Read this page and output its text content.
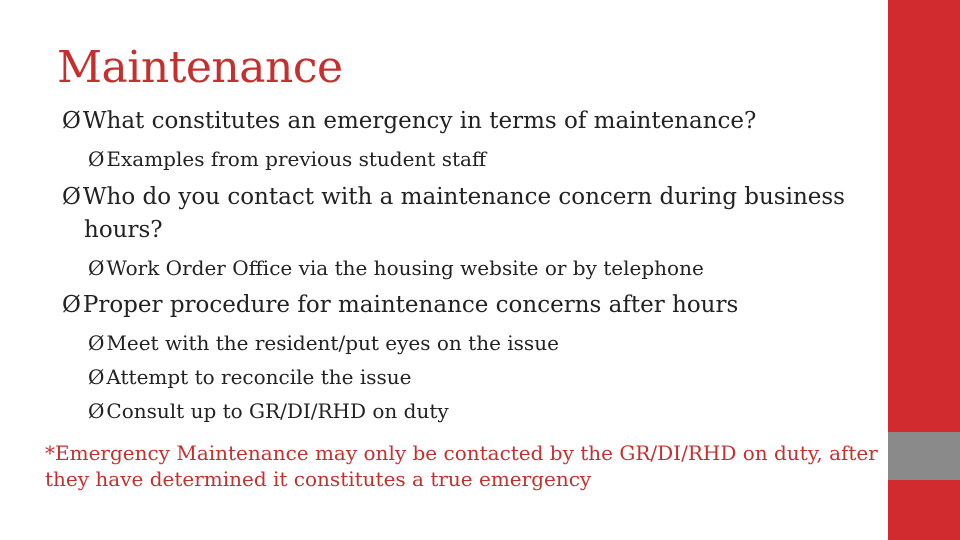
Maintenance
ØWhat constitutes an emergency in terms of maintenance?
Ø Examples from previous student staff
ØWho do you contact with a maintenance concern during business
hours?
Ø Work Order Office via the housing website or by telephone
ØProper procedure for maintenance concerns after hours
Ø Meet with the resident/put eyes on the issue
Ø Attempt to reconcile the issue
Ø Consult up to GR/DI/RHD on duty
*Emergency Maintenance may only be contacted by the GR/DI/RHD on duty, after they have determined it constitutes a true emergency
